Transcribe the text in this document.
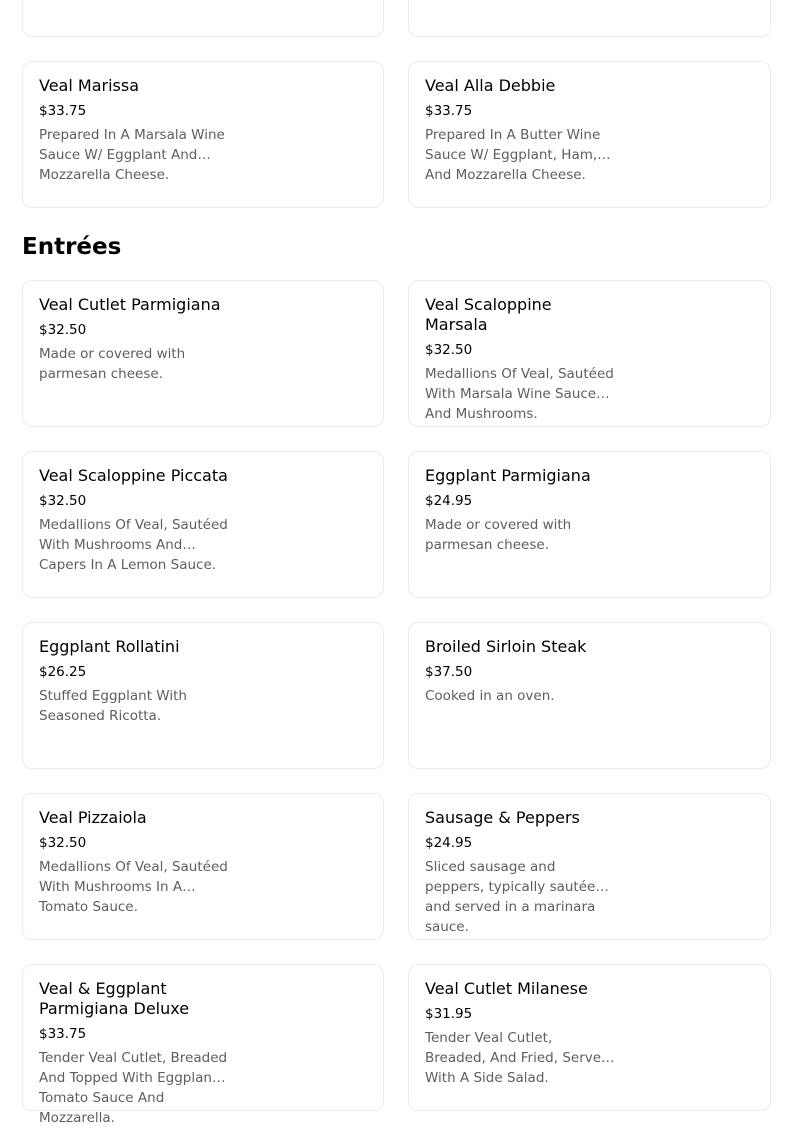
Veal Marissa
$33.75
Prepared In A Marsala Wine Sauce W/ Eggplant And Mozzarella Cheese.
Veal Alla Debbie
$33.75
Prepared In A Butter Wine Sauce W/ Eggplant, Ham, And Mozzarella Cheese.
Entrées
Veal Cutlet Parmigiana
$32.50
Made or covered with parmesan cheese.
Veal Scaloppine Marsala
$32.50
Medallions Of Veal, Sautéed With Marsala Wine Sauce And Mushrooms.
Veal Scaloppine Piccata
$32.50
Medallions Of Veal, Sautéed With Mushrooms And Capers In A Lemon Sauce.
Eggplant Parmigiana
$24.95
Made or covered with parmesan cheese.
Eggplant Rollatini
$26.25
Stuffed Eggplant With Seasoned Ricotta.
Broiled Sirloin Steak
$37.50
Cooked in an oven.
Veal Pizzaiola
$32.50
Medallions Of Veal, Sautéed With Mushrooms In A Tomato Sauce.
Sausage & Peppers
$24.95
Sliced sausage and peppers, typically sautéed and served in a marinara sauce.
Veal & Eggplant Parmigiana Deluxe
$33.75
Tender Veal Cutlet, Breaded And Topped With Eggplant, Tomato Sauce And Mozzarella.
Veal Cutlet Milanese
$31.95
Tender Veal Cutlet, Breaded, And Fried, Served With A Side Salad.
